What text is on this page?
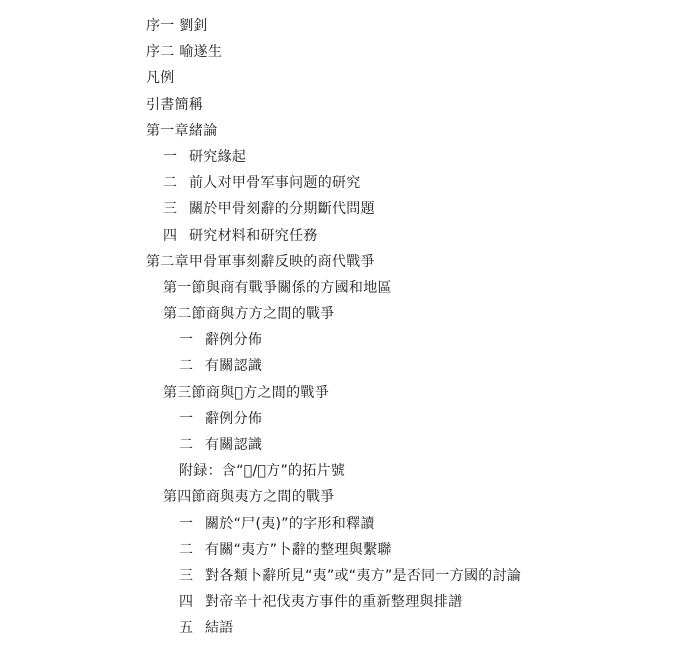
序一 劉釗
序二 喻遂生
凡例
引書簡稱
第一章緒論
一 研究緣起
二 前人对甲骨军事问题的研究
三 關於甲骨刻辭的分期斷代問題
四 研究材料和研究任務
第二章甲骨軍事刻辭反映的商代戰爭
第一節與商有戰爭關係的方國和地區
第二節商與方方之間的戰爭
一 辭例分佈
二 有關認識
第三節商與𠫑方之間的戰爭
一 辭例分佈
二 有關認識
附録：含“𠫑/𠫑方”的拓片號
第四節商與夷方之間的戰爭
一 關於“尸(夷)”的字形和釋讀
二 有關“夷方”卜辭的整理與繫聯
三 對各類卜辭所見“夷”或“夷方”是否同一方國的討論
四 對帝辛十祀伐夷方事件的重新整理與排譜
五 結語
